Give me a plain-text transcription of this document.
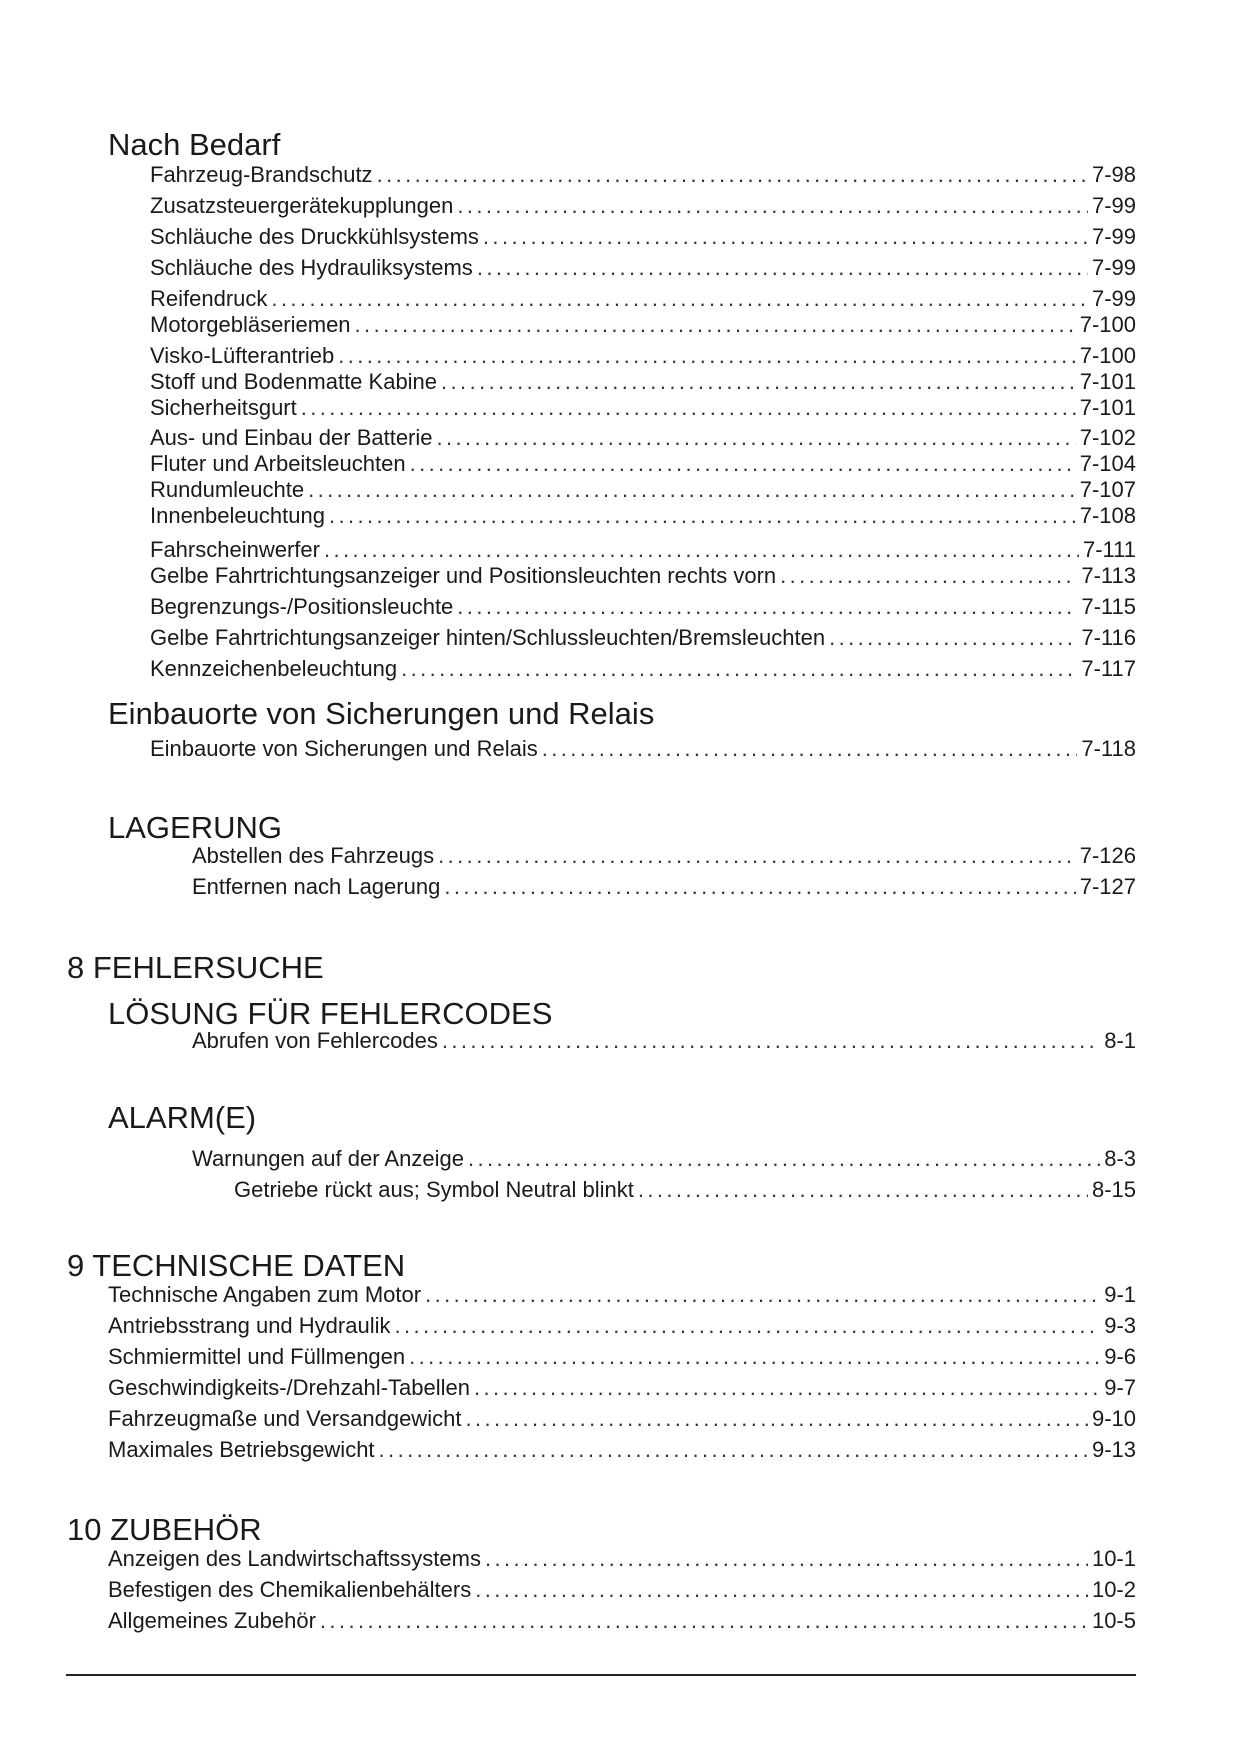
Nach Bedarf
Fahrzeug-Brandschutz .....	7-98
Zusatzsteuergerätekupplungen .....	7-99
Schläuche des Druckkühlsystems .....	7-99
Schläuche des Hydrauliksystems .....	7-99
Reifendruck .....	7-99
Motorgebläseriemen .....	7-100
Visko-Lüfterantrieb .....	7-100
Stoff und Bodenmatte Kabine .....	7-101
Sicherheitsgurt .....	7-101
Aus- und Einbau der Batterie .....	7-102
Fluter und Arbeitsleuchten .....	7-104
Rundumleuchte .....	7-107
Innenbeleuchtung .....	7-108
Fahrscheinwerfer .....	7-111
Gelbe Fahrtrichtungsanzeiger und Positionsleuchten rechts vorn .....	7-113
Begrenzungs-/Positionsleuchte .....	7-115
Gelbe Fahrtrichtungsanzeiger hinten/Schlussleuchten/Bremsleuchten .....	7-116
Kennzeichenbeleuchtung .....	7-117
Einbauorte von Sicherungen und Relais
Einbauorte von Sicherungen und Relais .....	7-118
LAGERUNG
Abstellen des Fahrzeugs .....	7-126
Entfernen nach Lagerung .....	7-127
8 FEHLERSUCHE
LÖSUNG FÜR FEHLERCODES
Abrufen von Fehlercodes .....	8-1
ALARM(E)
Warnungen auf der Anzeige .....	8-3
Getriebe rückt aus; Symbol Neutral blinkt .....	8-15
9 TECHNISCHE DATEN
Technische Angaben zum Motor .....	9-1
Antriebsstrang und Hydraulik .....	9-3
Schmiermittel und Füllmengen .....	9-6
Geschwindigkeits-/Drehzahl-Tabellen .....	9-7
Fahrzeugmaße und Versandgewicht .....	9-10
Maximales Betriebsgewicht .....	9-13
10 ZUBEHÖR
Anzeigen des Landwirtschaftssystems .....	10-1
Befestigen des Chemikalienbehälters .....	10-2
Allgemeines Zubehör .....	10-5
